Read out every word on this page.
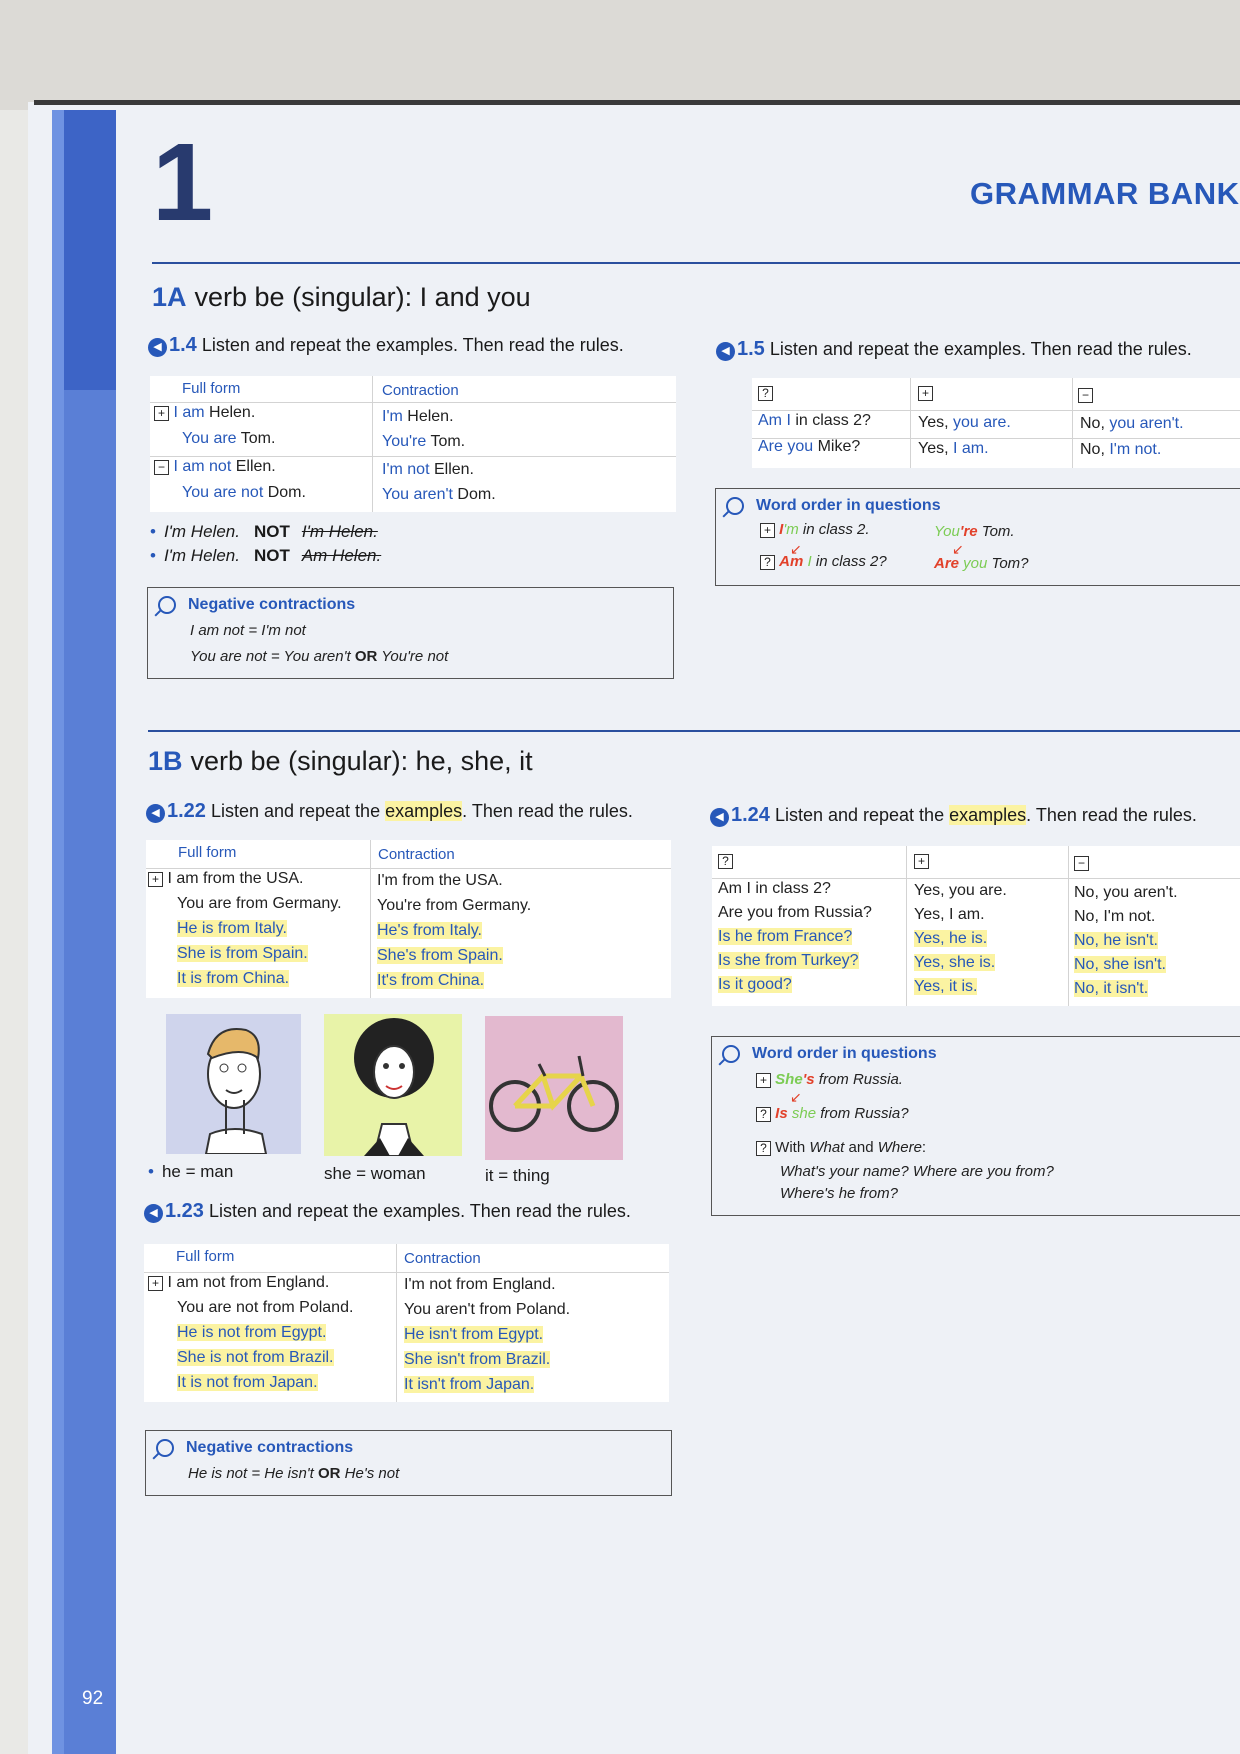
92
1	GRAMMAR BANK
1A verb be (singular): I and you
◀ 1.4 Listen and repeat the examples. Then read the rules.
Full form	Contraction
+ I am Helen.	I'm Helen.
You are Tom.	You're Tom.
− I am not Ellen.	I'm not Ellen.
You are not Dom.	You aren't Dom.
• I'm Helen. NOT I'm Helen.
• I'm Helen. NOT Am Helen.
Negative contractions
I am not = I'm not
You are not = You aren't OR You're not
◀ 1.5 Listen and repeat the examples. Then read the rules.
?	+	−
Am I in class 2?	Yes, you are.	No, you aren't.
Are you Mike?	Yes, I am.	No, I'm not.
Word order in questions
+ I'm in class 2.
↙
? Am I in class 2?
You're Tom.
↙
Are you Tom?
1B verb be (singular): he, she, it
◀ 1.22 Listen and repeat the examples. Then read the rules.
Full form	Contraction
+ I am from the USA.	I'm from the USA.
You are from Germany. You're from Germany.
He is from Italy.	He's from Italy.
She is from Spain.	She's from Spain.
It is from China.	It's from China.
• he = man	she = woman	it = thing
◀ 1.23 Listen and repeat the examples. Then read the rules.
Full form	Contraction
+ I am not from England.	I'm not from England.
You are not from Poland.	You aren't from Poland.
He is not from Egypt.	He isn't from Egypt.
She is not from Brazil.	She isn't from Brazil.
It is not from Japan.	It isn't from Japan.
Negative contractions
He is not = He isn't OR He's not
◀ 1.24 Listen and repeat the examples. Then read the rules.
?	+	−
Am I in class 2?	Yes, you are.	No, you aren't.
Are you from Russia?	Yes, I am.	No, I'm not.
Is he from France?	Yes, he is.	No, he isn't.
Is she from Turkey?	Yes, she is.	No, she isn't.
Is it good?	Yes, it is.	No, it isn't.
Word order in questions
+ She's from Russia.
↙
? Is she from Russia?
? With What and Where:
What's your name? Where are you from?
Where's he from?
